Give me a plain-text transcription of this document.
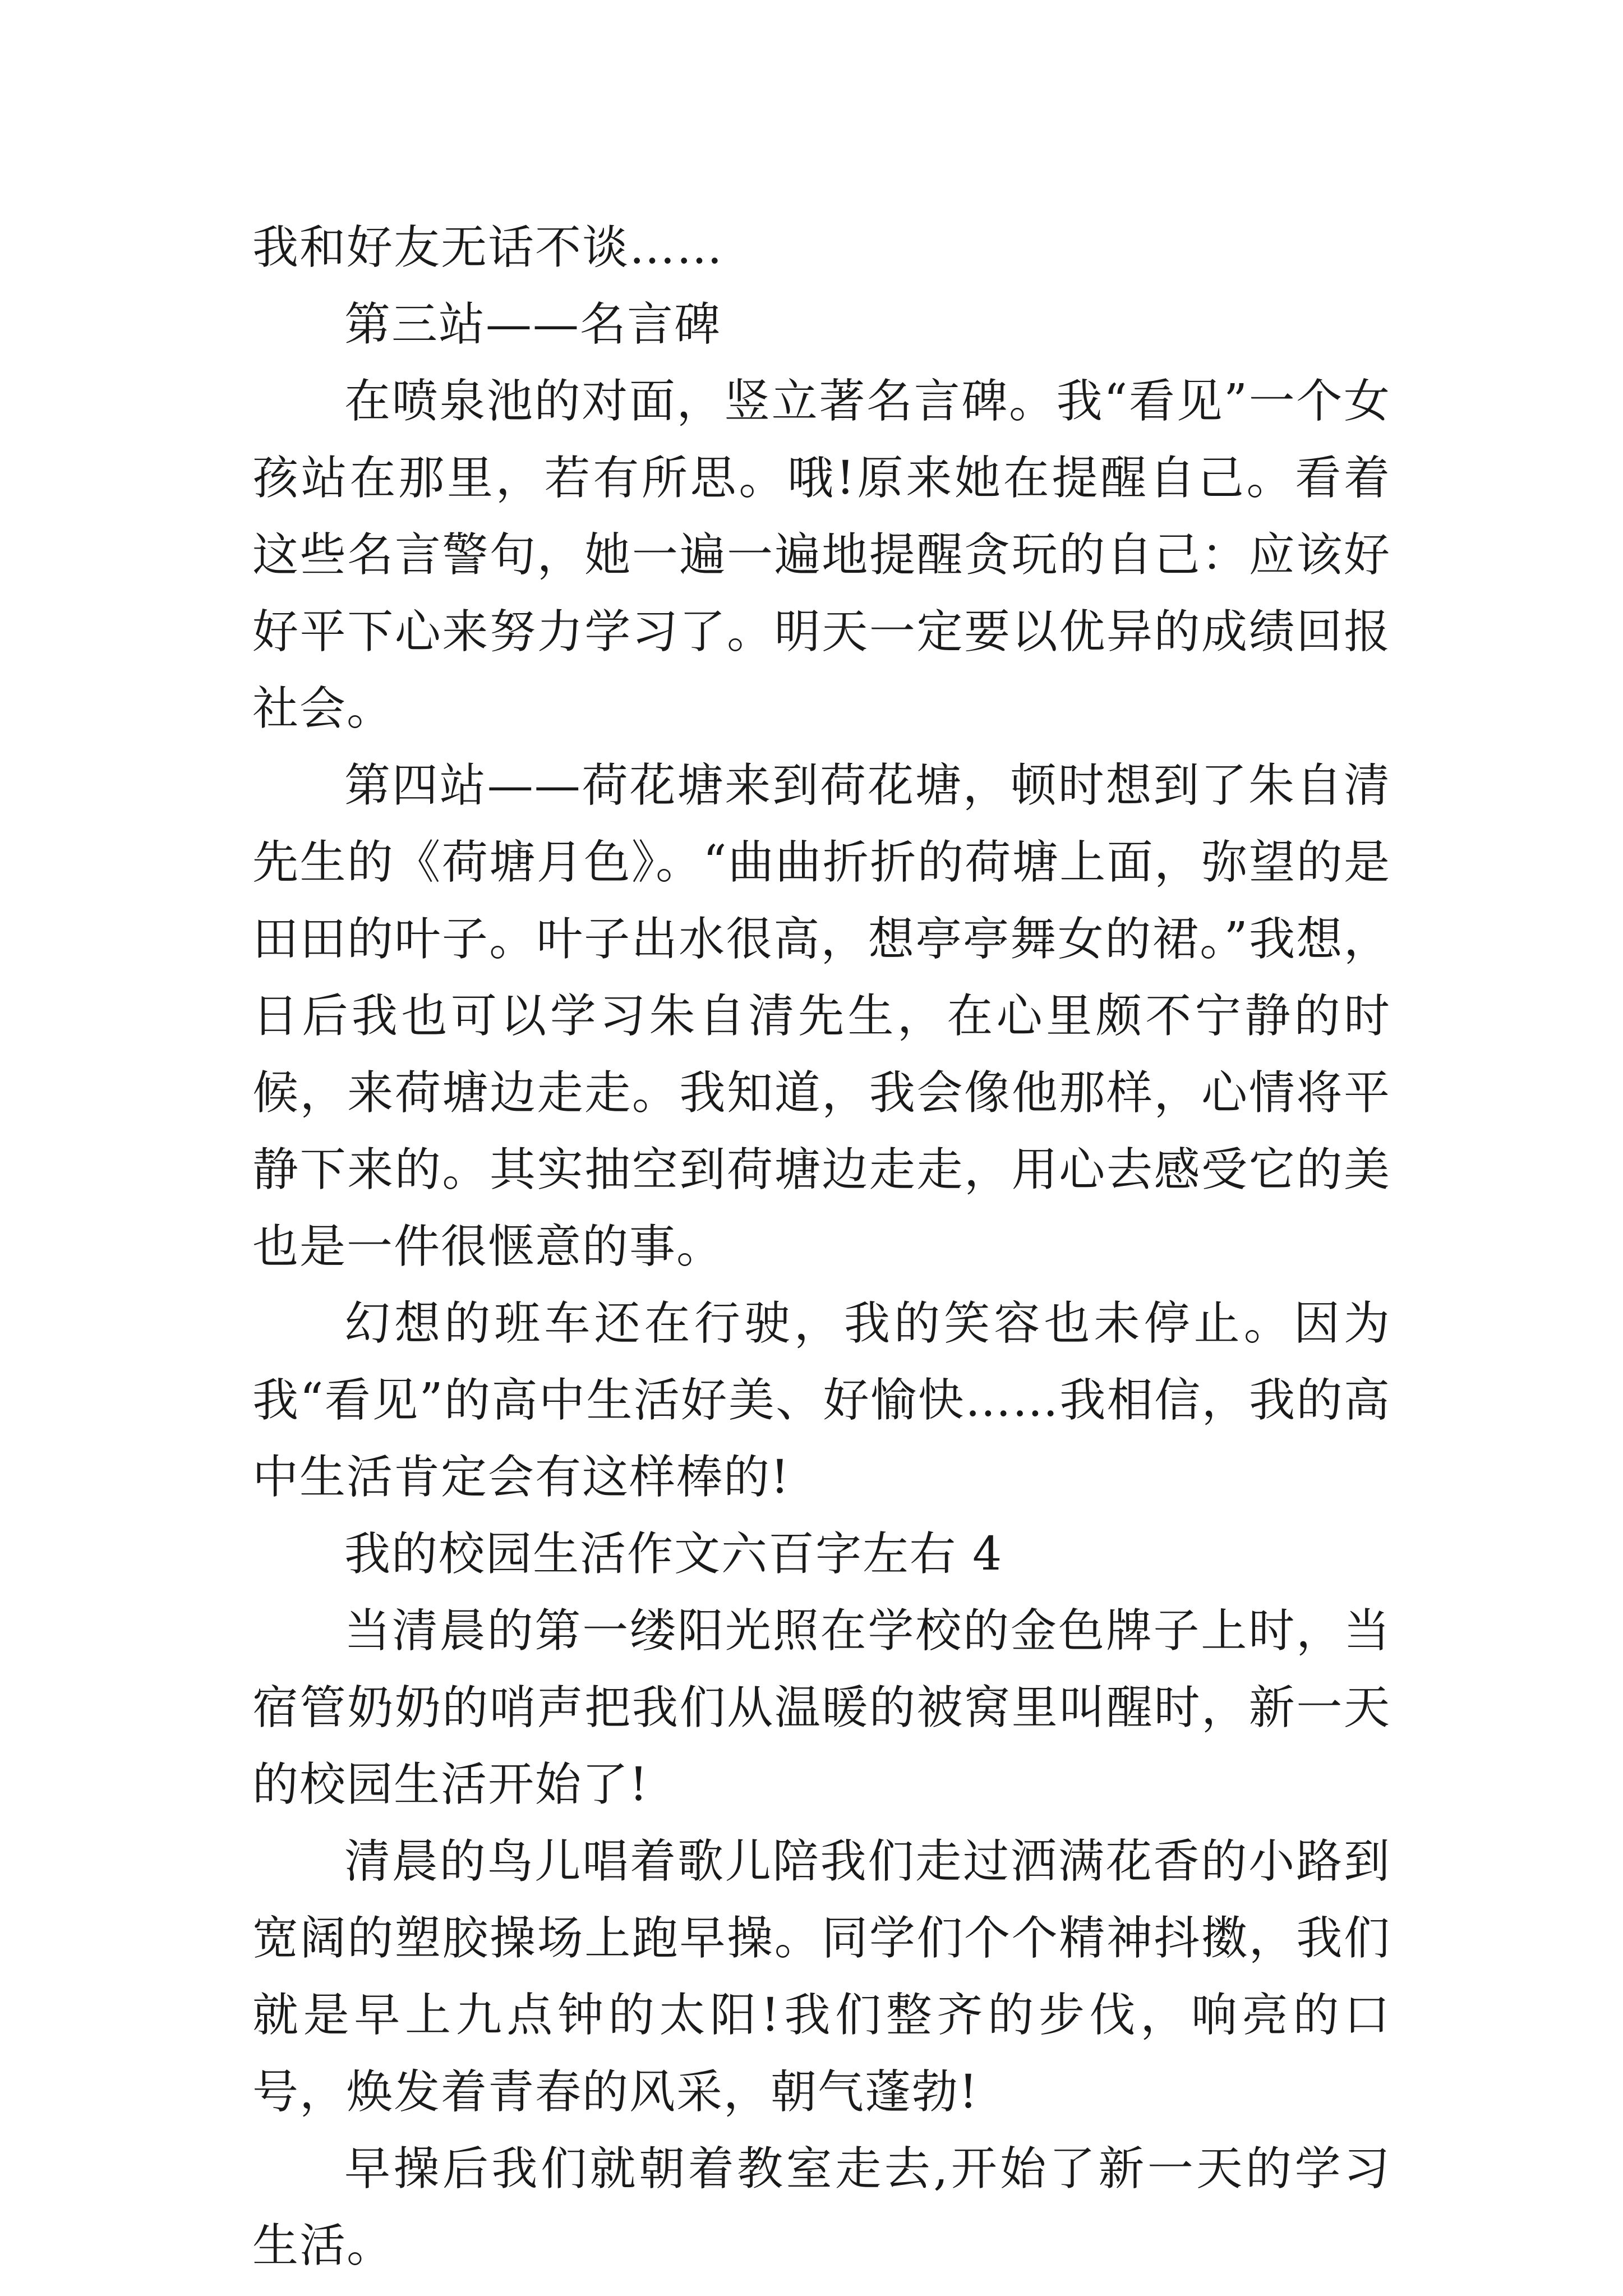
我和好友无话不谈……

第三站——名言碑

在喷泉池的对面，竖立著名言碑。我“看见”一个女孩站在那里，若有所思。哦!原来她在提醒自己。看着这些名言警句，她一遍一遍地提醒贪玩的自己：应该好好平下心来努力学习了。明天一定要以优异的成绩回报社会。

第四站——荷花塘来到荷花塘，顿时想到了朱自清先生的《荷塘月色》。“曲曲折折的荷塘上面，弥望的是田田的叶子。叶子出水很高，想亭亭舞女的裙。”我想，日后我也可以学习朱自清先生，在心里颇不宁静的时候，来荷塘边走走。我知道，我会像他那样，心情将平静下来的。其实抽空到荷塘边走走，用心去感受它的美也是一件很惬意的事。

幻想的班车还在行驶，我的笑容也未停止。因为我“看见”的高中生活好美、好愉快……我相信，我的高中生活肯定会有这样棒的!

我的校园生活作文六百字左右 4

当清晨的第一缕阳光照在学校的金色牌子上时，当宿管奶奶的哨声把我们从温暖的被窝里叫醒时，新一天的校园生活开始了!

清晨的鸟儿唱着歌儿陪我们走过洒满花香的小路到宽阔的塑胶操场上跑早操。同学们个个精神抖擞，我们就是早上九点钟的太阳!我们整齐的步伐，响亮的口号，焕发着青春的风采，朝气蓬勃!

早操后我们就朝着教室走去,开始了新一天的学习生活。
